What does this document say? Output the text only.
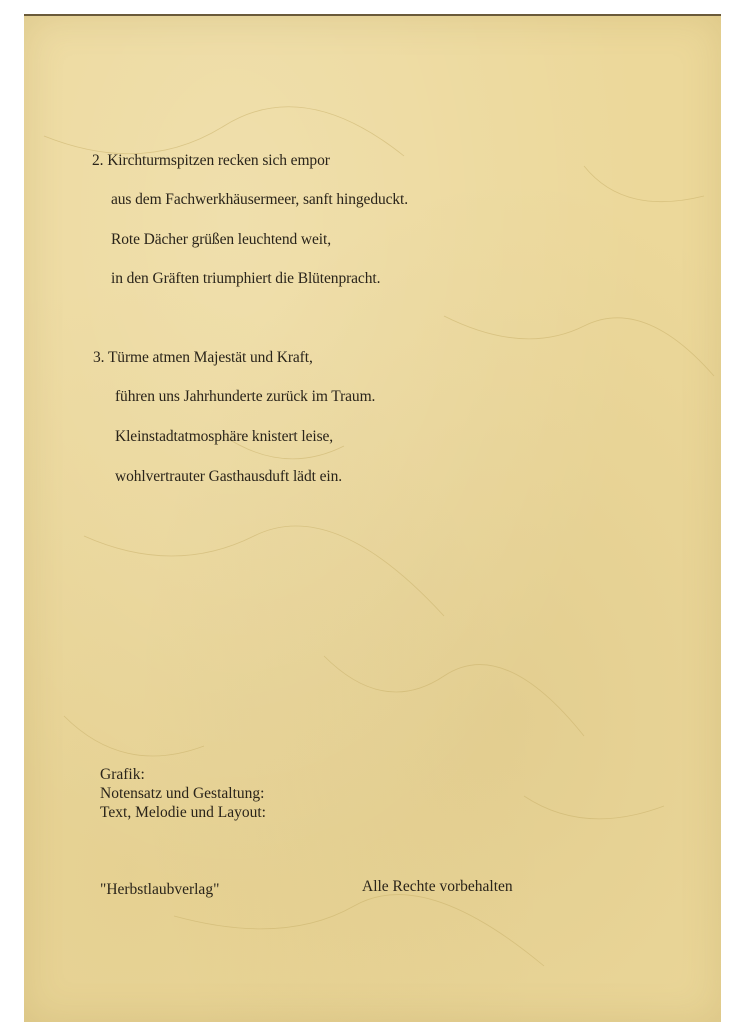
2. Kirchturmspitzen recken sich empor
aus dem Fachwerkhäusermeer, sanft hingeduckt.
Rote Dächer grüßen leuchtend weit,
in den Gräften triumphiert die Blütenpracht.
3. Türme atmen Majestät und Kraft,
führen uns Jahrhunderte zurück im Traum.
Kleinstadtatmosphäre knistert leise,
wohlvertrauter Gasthausduft lädt ein.
Grafik:
Notensatz und Gestaltung:
Text, Melodie und Layout:
"Herbstlaubverlag"	Alle Rechte vorbehalten
